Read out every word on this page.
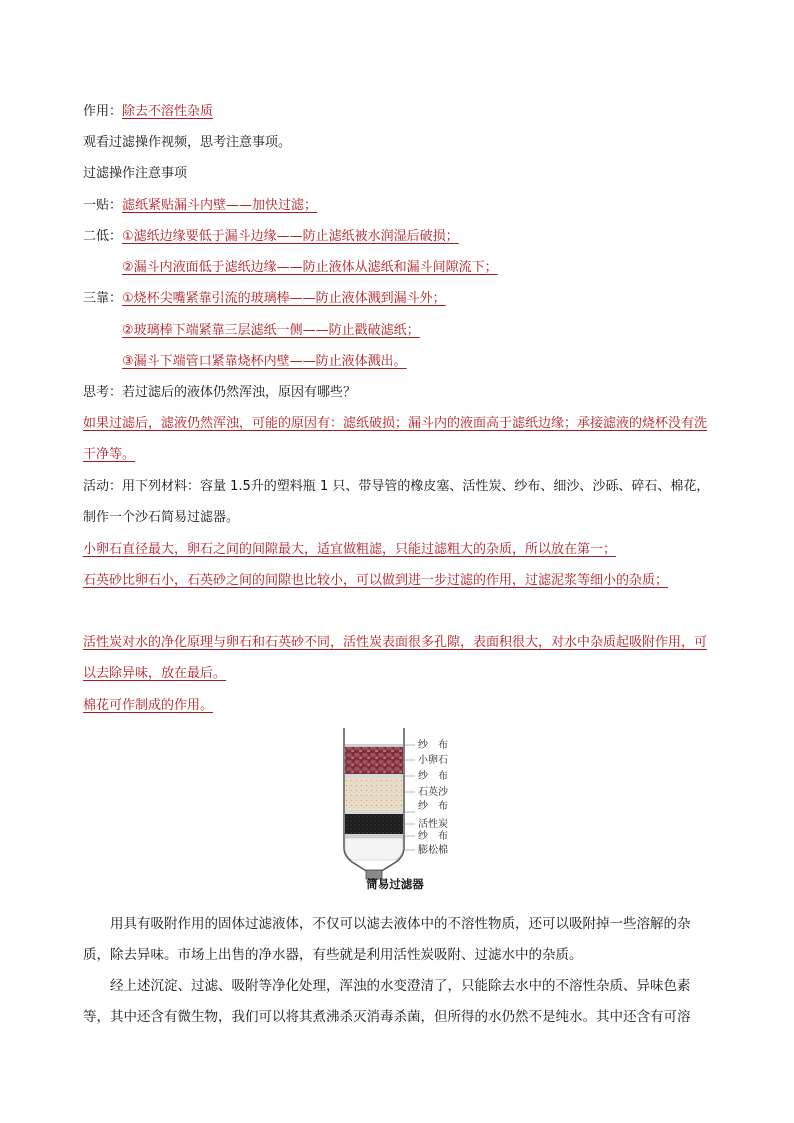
作用：除去不溶性杂质
观看过滤操作视频，思考注意事项。
过滤操作注意事项
一贴：滤纸紧贴漏斗内壁——加快过滤；
二低：①滤纸边缘要低于漏斗边缘——防止滤纸被水润湿后破损；
②漏斗内液面低于滤纸边缘——防止液体从滤纸和漏斗间隙流下；
三靠：①烧杯尖嘴紧靠引流的玻璃棒——防止液体溅到漏斗外；
②玻璃棒下端紧靠三层滤纸一侧——防止戳破滤纸；
③漏斗下端管口紧靠烧杯内壁——防止液体溅出。
思考：若过滤后的液体仍然浑浊，原因有哪些？
如果过滤后，滤液仍然浑浊，可能的原因有：滤纸破损；漏斗内的液面高于滤纸边缘；承接滤液的烧杯没有洗干净等。
活动：用下列材料：容量 1.5升的塑料瓶 1 只、带导管的橡皮塞、活性炭、纱布、细沙、沙砾、碎石、棉花，制作一个沙石简易过滤器。
小卵石直径最大，卵石之间的间隙最大，适宜做粗滤，只能过滤粗大的杂质，所以放在第一；
石英砂比卵石小，石英砂之间的间隙也比较小，可以做到进一步过滤的作用，过滤泥浆等细小的杂质；
活性炭对水的净化原理与卵石和石英砂不同，活性炭表面很多孔隙，表面积很大，对水中杂质起吸附作用，可以去除异味，放在最后。
棉花可作制成的作用。
纱　布
小卵石
纱　布
石英沙
纱　布
活性炭
纱　布
膨松棉
简易过滤器
用具有吸附作用的固体过滤液体，不仅可以滤去液体中的不溶性物质，还可以吸附掉一些溶解的杂质，除去异味。市场上出售的净水器，有些就是利用活性炭吸附、过滤水中的杂质。
经上述沉淀、过滤、吸附等净化处理，浑浊的水变澄清了，只能除去水中的不溶性杂质、异味色素等，其中还含有微生物，我们可以将其煮沸杀灭消毒杀菌，但所得的水仍然不是纯水。其中还含有可溶
